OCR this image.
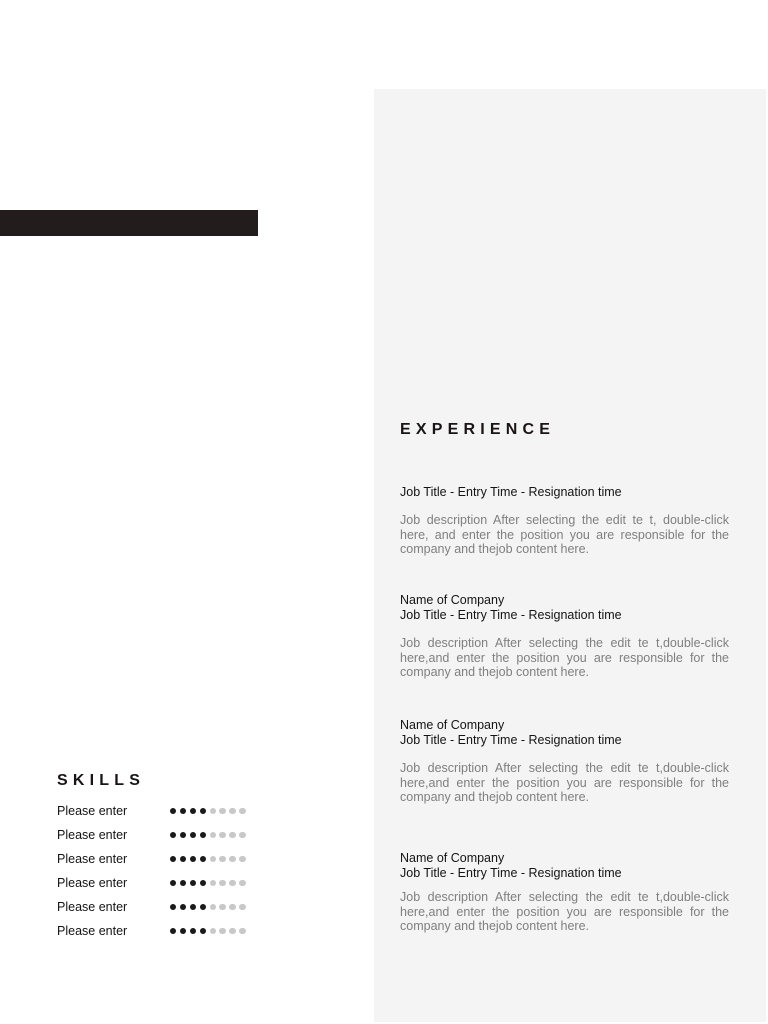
EXPERIENCE
Job Title - Entry Time - Resignation time
Job description After selecting the edit te t, double-click here, and enter the position you are responsible for the company and thejob content here.
Name of Company
Job Title - Entry Time - Resignation time
Job description After selecting the edit te t,double-click here,and enter the position you are responsible for the company and thejob content here.
Name of Company
Job Title - Entry Time - Resignation time
Job description After selecting the edit te t,double-click here,and enter the position you are responsible for the company and thejob content here.
Name of Company
Job Title - Entry Time - Resignation time
Job description After selecting the edit te t,double-click here,and enter the position you are responsible for the company and thejob content here.
SKILLS
Please enter
Please enter
Please enter
Please enter
Please enter
Please enter
